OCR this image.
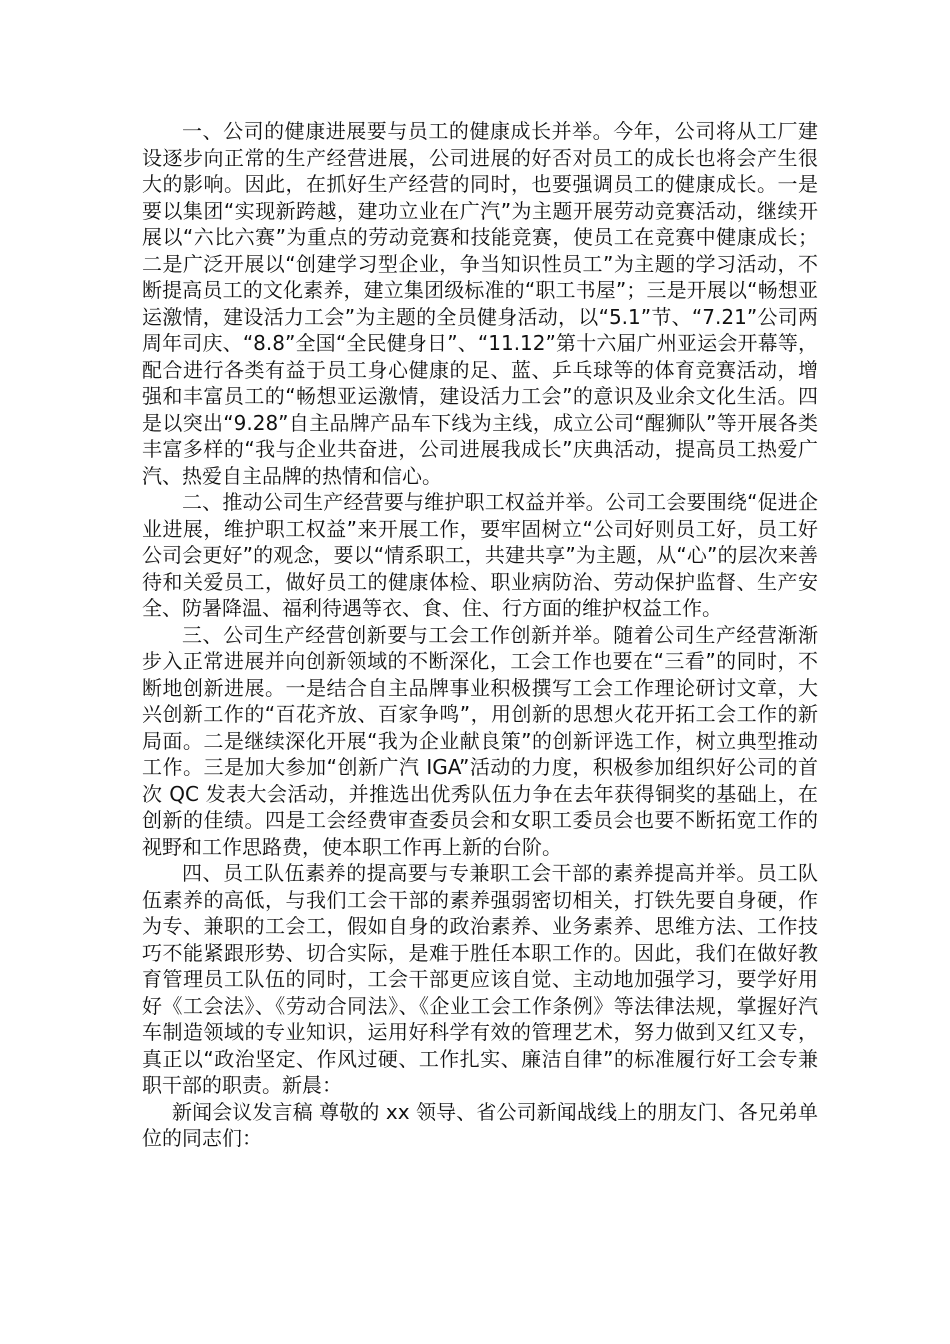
一、公司的健康进展要与员工的健康成长并举。今年，公司将从工厂建设逐步向正常的生产经营进展，公司进展的好否对员工的成长也将会产生很大的影响。因此，在抓好生产经营的同时，也要强调员工的健康成长。一是要以集团“实现新跨越，建功立业在广汽”为主题开展劳动竞赛活动，继续开展以“六比六赛”为重点的劳动竞赛和技能竞赛，使员工在竞赛中健康成长；二是广泛开展以“创建学习型企业，争当知识性员工”为主题的学习活动，不断提高员工的文化素养，建立集团级标准的“职工书屋”；三是开展以“畅想亚运激情，建设活力工会”为主题的全员健身活动，以“5.1”节、“7.21”公司两周年司庆、“8.8”全国“全民健身日”、“11.12”第十六届广州亚运会开幕等，配合进行各类有益于员工身心健康的足、蓝、乒乓球等的体育竞赛活动，增强和丰富员工的“畅想亚运激情，建设活力工会”的意识及业余文化生活。四是以突出“9.28”自主品牌产品车下线为主线，成立公司“醒狮队”等开展各类丰富多样的“我与企业共奋进，公司进展我成长”庆典活动，提高员工热爱广汽、热爱自主品牌的热情和信心。

二、推动公司生产经营要与维护职工权益并举。公司工会要围绕“促进企业进展，维护职工权益”来开展工作，要牢固树立“公司好则员工好，员工好公司会更好”的观念，要以“情系职工，共建共享”为主题，从“心”的层次来善待和关爱员工，做好员工的健康体检、职业病防治、劳动保护监督、生产安全、防暑降温、福利待遇等衣、食、住、行方面的维护权益工作。

三、公司生产经营创新要与工会工作创新并举。随着公司生产经营渐渐步入正常进展并向创新领域的不断深化，工会工作也要在“三看”的同时，不断地创新进展。一是结合自主品牌事业积极撰写工会工作理论研讨文章，大兴创新工作的“百花齐放、百家争鸣”，用创新的思想火花开拓工会工作的新局面。二是继续深化开展“我为企业献良策”的创新评选工作，树立典型推动工作。三是加大参加“创新广汽 IGA”活动的力度，积极参加组织好公司的首次 QC 发表大会活动，并推选出优秀队伍力争在去年获得铜奖的基础上，在创新的佳绩。四是工会经费审查委员会和女职工委员会也要不断拓宽工作的视野和工作思路费，使本职工作再上新的台阶。

四、员工队伍素养的提高要与专兼职工会干部的素养提高并举。员工队伍素养的高低，与我们工会干部的素养强弱密切相关，打铁先要自身硬，作为专、兼职的工会工，假如自身的政治素养、业务素养、思维方法、工作技巧不能紧跟形势、切合实际，是难于胜任本职工作的。因此，我们在做好教育管理员工队伍的同时，工会干部更应该自觉、主动地加强学习，要学好用好《工会法》、《劳动合同法》、《企业工会工作条例》等法律法规，掌握好汽车制造领域的专业知识，运用好科学有效的管理艺术，努力做到又红又专，真正以“政治坚定、作风过硬、工作扎实、廉洁自律”的标准履行好工会专兼职干部的职责。新晨：

新闻会议发言稿 尊敬的 xx 领导、省公司新闻战线上的朋友门、各兄弟单位的同志们：
